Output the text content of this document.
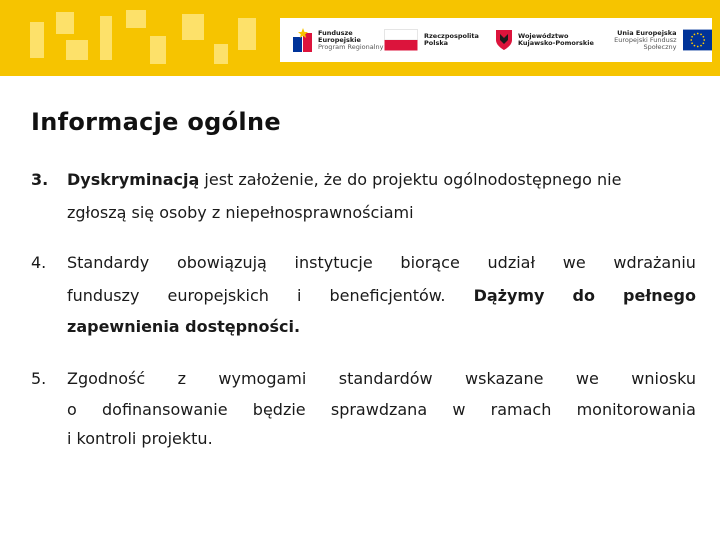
Fundusze
Europejskie
Program Regionalny
Rzeczpospolita
Polska
Województwo
Kujawsko-Pomorskie
Unia Europejska
Europejski Fundusz Społeczny
Informacje ogólne
3. Dyskryminacją jest założenie, że do projektu ogólnodostępnego nie
zgłoszą się osoby z niepełnosprawnościami
4. Standardy obowiązują instytucje biorące udział we wdrażaniu
funduszy europejskich i beneficjentów. Dążymy do pełnego
zapewnienia dostępności.
5. Zgodność z wymogami standardów wskazane we wniosku
o dofinansowanie będzie sprawdzana w ramach monitorowania
i kontroli projektu.
